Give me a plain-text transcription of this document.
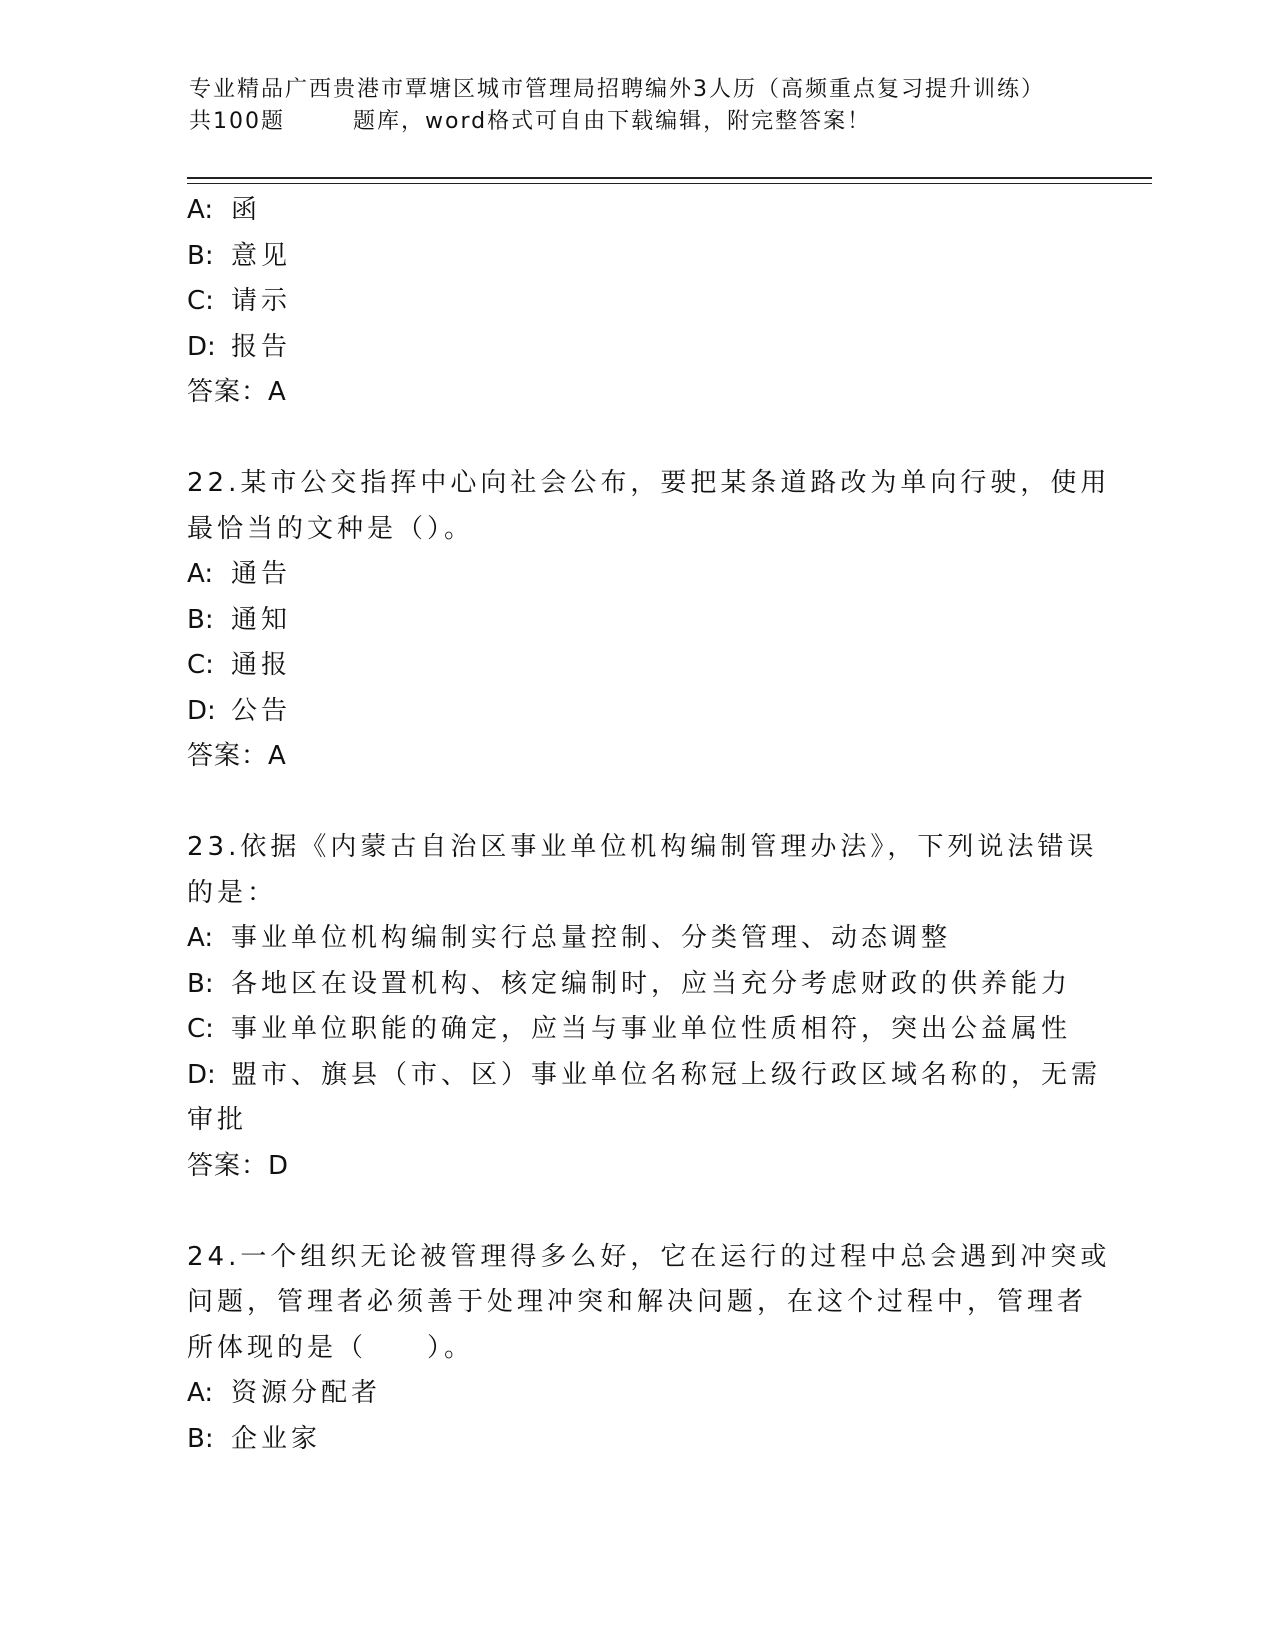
专业精品广西贵港市覃塘区城市管理局招聘编外3人历（高频重点复习提升训练）
共100题	题库，word格式可自由下载编辑，附完整答案！
A: 函
B: 意见
C: 请示
D: 报告
答案：A
22.某市公交指挥中心向社会公布，要把某条道路改为单向行驶，使用
最恰当的文种是（）。
A: 通告
B: 通知
C: 通报
D: 公告
答案：A
23.依据《内蒙古自治区事业单位机构编制管理办法》，下列说法错误
的是：
A: 事业单位机构编制实行总量控制、分类管理、动态调整
B: 各地区在设置机构、核定编制时，应当充分考虑财政的供养能力
C: 事业单位职能的确定，应当与事业单位性质相符，突出公益属性
D: 盟市、旗县（市、区）事业单位名称冠上级行政区域名称的，无需
审批
答案：D
24.一个组织无论被管理得多么好，它在运行的过程中总会遇到冲突或
问题，管理者必须善于处理冲突和解决问题，在这个过程中，管理者
所体现的是（　　）。
A: 资源分配者
B: 企业家
